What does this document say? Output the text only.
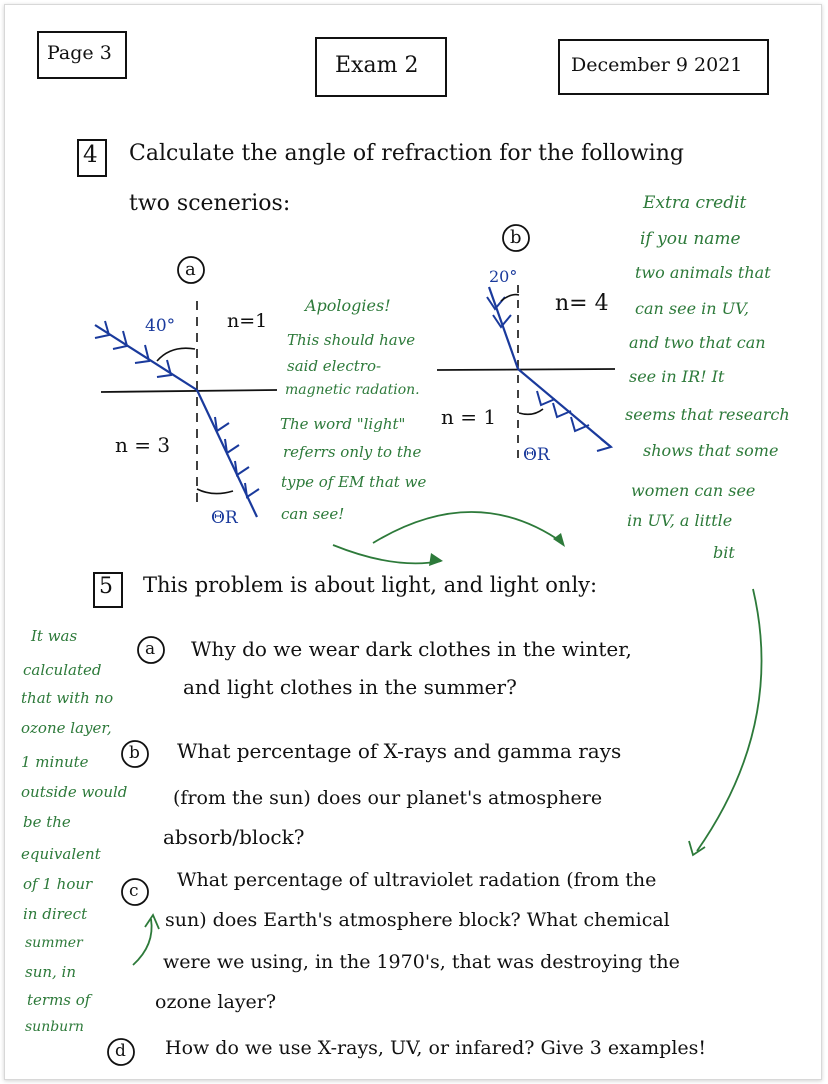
Page 3	Exam 2	December 9 2021
4 Calculate the angle of refraction for the following
two scenerios:
a
40°	n=1
n = 3
ΘR
b
20°
n= 4
n = 1
ΘR
Apologies!
This should have
said electro-
magnetic radation.
The word "light"
referrs only to the
type of EM that we
can see!
Extra credit
if you name
two animals that
can see in UV,
and two that can
see in IR! It
seems that research
shows that some
women can see
in UV, a little
bit
5 This problem is about light, and light only:
a Why do we wear dark clothes in the winter,
and light clothes in the summer?
b What percentage of X-rays and gamma rays
(from the sun) does our planet's atmosphere
absorb/block?
c What percentage of ultraviolet radation (from the
sun) does Earth's atmosphere block? What chemical
were we using, in the 1970's, that was destroying the
ozone layer?
d How do we use X-rays, UV, or infared? Give 3 examples!
It was
calculated
that with no
ozone layer,
1 minute
outside would
be the
equivalent
of 1 hour
in direct
summer
sun, in
terms of
sunburn
